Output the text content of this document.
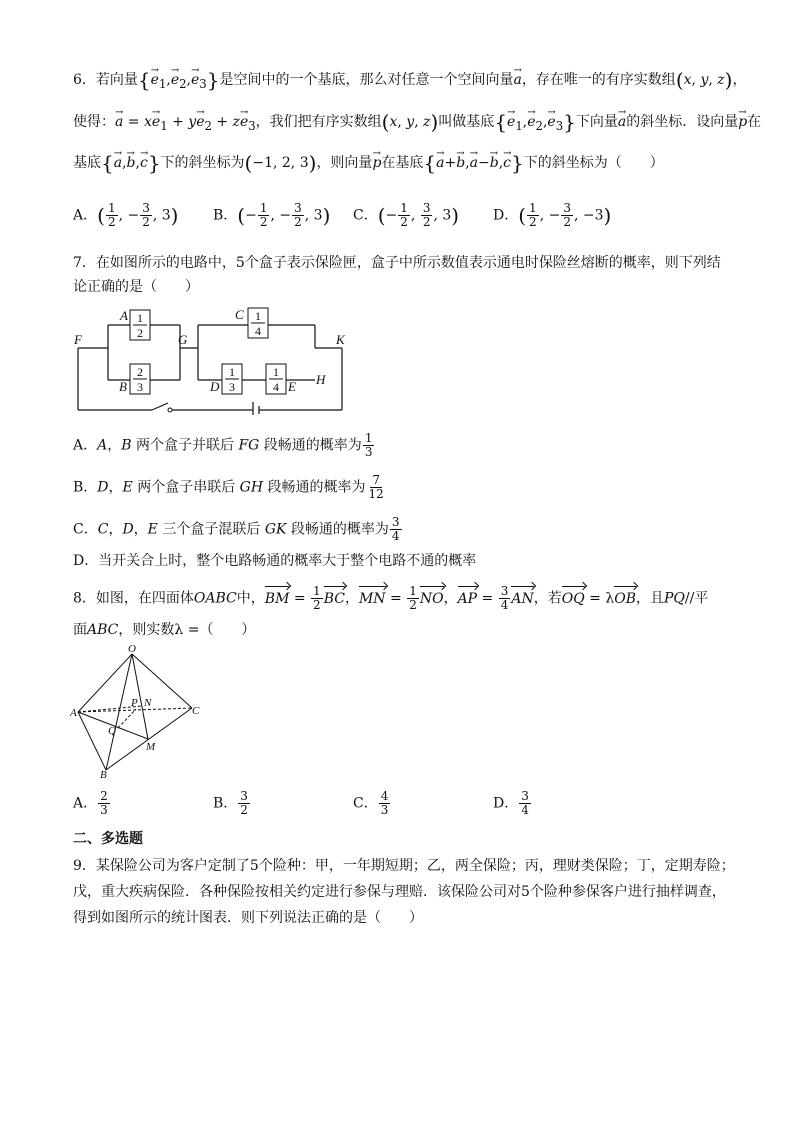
6．若向量{→ $e_1,\to e_2,\to e_3$}是空间中的一个基底，那么对任意一个空间向量→ a，存在唯一的有序实数组(x, y, z)，
使得：→ $a = x\to e_1 + y\to e_2 + z\to e_3$，我们把有序实数组(x, y, z)叫做基底{→ $e_1,\to e_2,\to e_3$}下向量→ a的斜坐标．设向量→ p在
基底{→ a,→ b,→ c}下的斜坐标为(−1, 2, 3)，则向量→ p在基底{→ a+→ b,→ a−→ b,→ c}下的斜坐标为（　　）
A．( $\frac{1}{2}$ , − $\frac{3}{2}$ , 3) B．(− $\frac{1}{2}$ , − $\frac{3}{2}$ , 3) C．(− $\frac{1}{2}$ , $\frac{3}{2}$ , 3) D．( $\frac{1}{2}$ , − $\frac{3}{2}$ , −3)
7．在如图所示的电路中，5个盒子表示保险匣，盒子中所示数值表示通电时保险丝熔断的概率，则下列结
论正确的是（　　）
1
2
2
3
1
4
1
3
1
4
F	G	K
H
A
B
C
D	E
A．A，B 两个盒子并联后 FG 段畅通的概率为 $\frac{1}{3}$
B．D，E 两个盒子串联后 GH 段畅通的概率为 $\frac{7}{12}$
C．C，D，E 三个盒子混联后 GK 段畅通的概率为 $\frac{3}{4}$
D．当开关合上时，整个电路畅通的概率大于整个电路不通的概率
8．如图，在四面体OABC中，BM = $\frac{1}{2}$ BC，MN = $\frac{1}{2}$ NO，AP = $\frac{3}{4}$ AN，若OQ = λOB，且PQ//平
面ABC，则实数λ =（　　）
O
A
B
C
P N
Q
M
A． $\frac{2}{3}$	B． $\frac{3}{2}$	C． $\frac{4}{3}$	D． $\frac{3}{4}$
二、多选题
9．某保险公司为客户定制了5个险种：甲，一年期短期；乙，两全保险；丙，理财类保险；丁，定期寿险；
戊，重大疾病保险．各种保险按相关约定进行参保与理赔．该保险公司对5个险种参保客户进行抽样调查，
得到如图所示的统计图表．则下列说法正确的是（　　）
